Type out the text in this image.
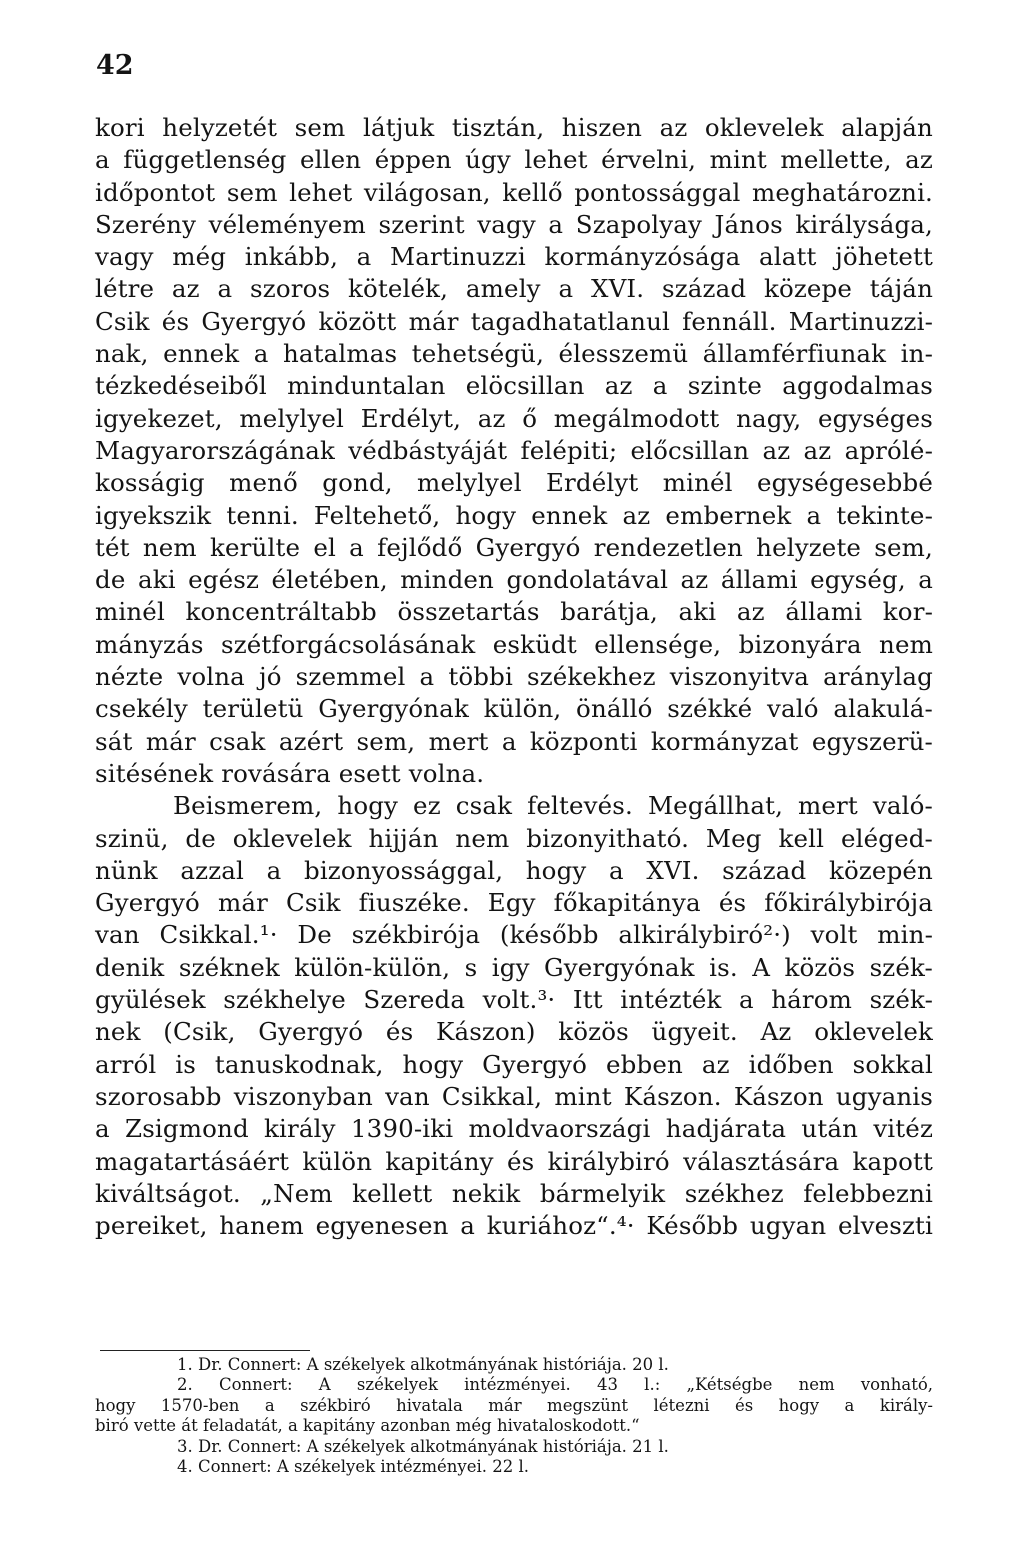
42
kori helyzetét sem látjuk tisztán, hiszen az oklevelek alapján
a függetlenség ellen éppen úgy lehet érvelni, mint mellette, az
időpontot sem lehet világosan, kellő pontossággal meghatározni.
Szerény véleményem szerint vagy a Szapolyay János királysága,
vagy még inkább, a Martinuzzi kormányzósága alatt jöhetett
létre az a szoros kötelék, amely a XVI. század közepe táján
Csik és Gyergyó között már tagadhatatlanul fennáll. Martinuzzi-
nak, ennek a hatalmas tehetségü, élesszemü államférfiunak in-
tézkedéseiből minduntalan elöcsillan az a szinte aggodalmas
igyekezet, melylyel Erdélyt, az ő megálmodott nagy, egységes
Magyarországának védbástyáját felépiti; előcsillan az az aprólé-
kosságig menő gond, melylyel Erdélyt minél egységesebbé
igyekszik tenni. Feltehető, hogy ennek az embernek a tekinte-
tét nem kerülte el a fejlődő Gyergyó rendezetlen helyzete sem,
de aki egész életében, minden gondolatával az állami egység, a
minél koncentráltabb összetartás barátja, aki az állami kor-
mányzás szétforgácsolásának esküdt ellensége, bizonyára nem
nézte volna jó szemmel a többi székekhez viszonyitva aránylag
csekély területü Gyergyónak külön, önálló székké való alakulá-
sát már csak azért sem, mert a központi kormányzat egyszerü-
sitésének rovására esett volna.
Beismerem, hogy ez csak feltevés. Megállhat, mert való-
szinü, de oklevelek hijján nem bizonyitható. Meg kell eléged-
nünk azzal a bizonyossággal, hogy a XVI. század közepén
Gyergyó már Csik fiuszéke. Egy főkapitánya és főkirálybirója
van Csikkal.¹· De székbirója (később alkirálybiró²·) volt min-
denik széknek külön-külön, s igy Gyergyónak is. A közös szék-
gyülések székhelye Szereda volt.³· Itt intézték a három szék-
nek (Csik, Gyergyó és Kászon) közös ügyeit. Az oklevelek
arról is tanuskodnak, hogy Gyergyó ebben az időben sokkal
szorosabb viszonyban van Csikkal, mint Kászon. Kászon ugyanis
a Zsigmond király 1390-iki moldvaországi hadjárata után vitéz
magatartásáért külön kapitány és királybiró választására kapott
kiváltságot. „Nem kellett nekik bármelyik székhez felebbezni
pereiket, hanem egyenesen a kuriához“.⁴· Később ugyan elveszti
1. Dr. Connert: A székelyek alkotmányának históriája. 20 l.
2. Connert: A székelyek intézményei. 43 l.: „Kétségbe nem vonható,
hogy 1570-ben a székbiró hivatala már megszünt létezni és hogy a király-
biró vette át feladatát, a kapitány azonban még hivataloskodott.“
3. Dr. Connert: A székelyek alkotmányának históriája. 21 l.
4. Connert: A székelyek intézményei. 22 l.
